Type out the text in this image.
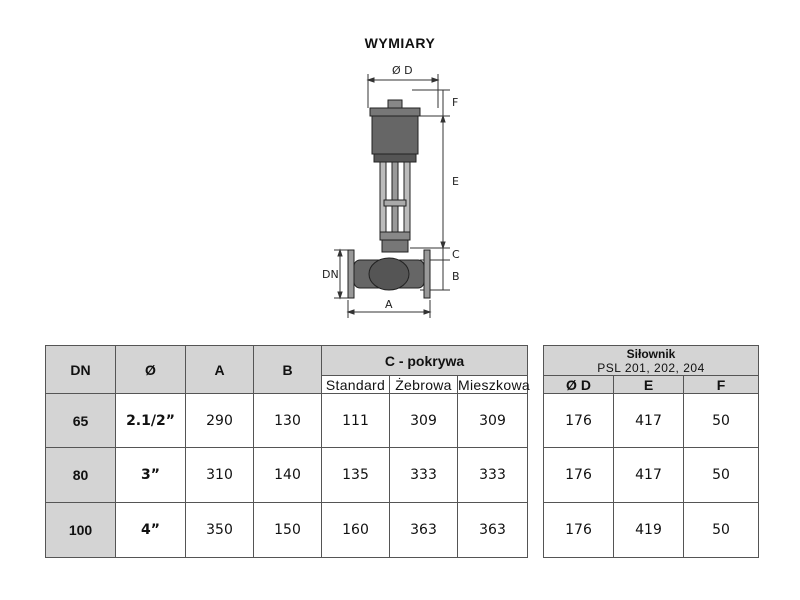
WYMIARY
Ø D
F
E
C
B
DN
A
DN	Ø	A	B	C - pokrywa		
				Standard	Żebrowa	Mieszkowa
65	2.1/2”	290	130	111	309	309
80	3”	310	140	135	333	333
100	4”	350	150	160	363	363
Siłownik
PSL 201, 202, 204		

Ø D	E	F
176	417	50
176	417	50
176	419	50
